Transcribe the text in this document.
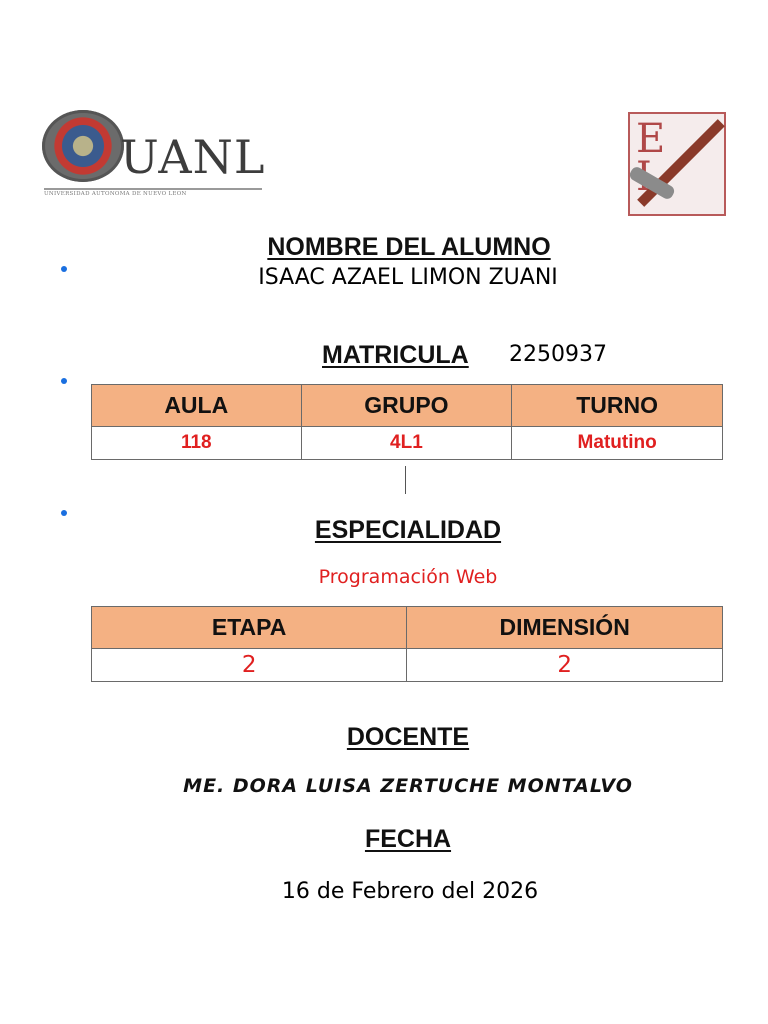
UANL
UNIVERSIDAD AUTÓNOMA DE NUEVO LEÓN
E

NOMBRE DEL ALUMNO
ISAAC AZAEL LIMON ZUANI
MATRICULA 2250937
AULA	GRUPO	TURNO
118	4L1	Matutino
ESPECIALIDAD
Programación Web
ETAPA	DIMENSIÓN
2	2
DOCENTE
ME. DORA LUISA ZERTUCHE MONTALVO
FECHA
16 de Febrero del 2026
